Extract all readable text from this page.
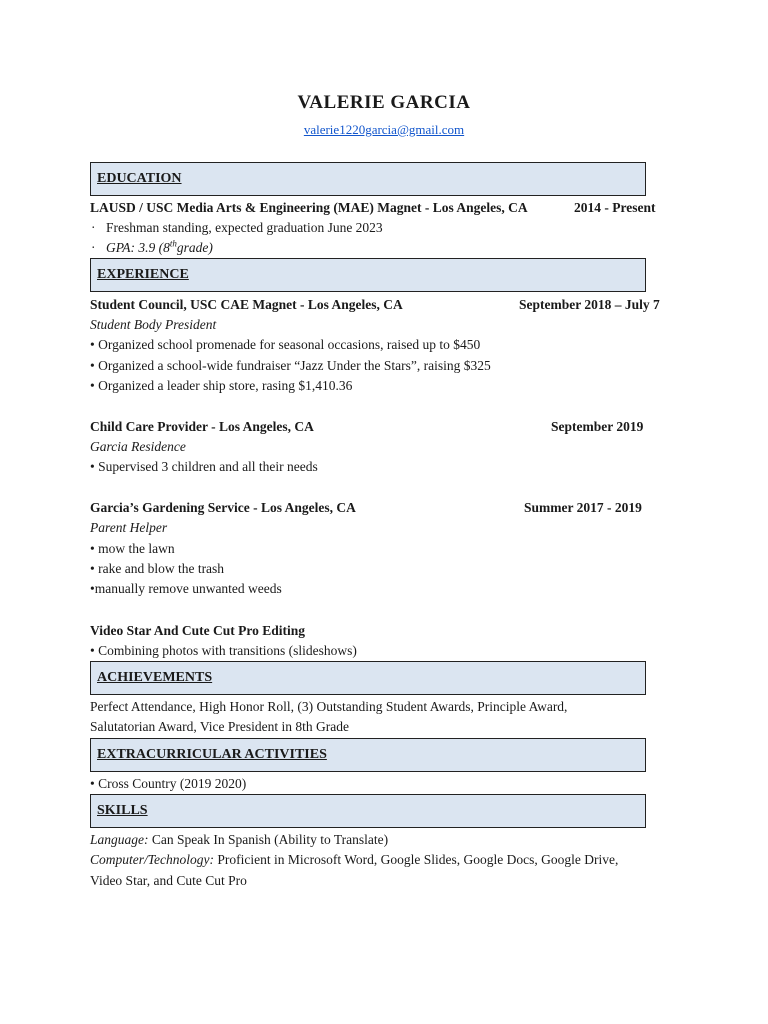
VALERIE GARCIA
valerie1220garcia@gmail.com
EDUCATION
LAUSD / USC Media Arts & Engineering (MAE) Magnet - Los Angeles, CA	2014 - Present
· Freshman standing, expected graduation June 2023
· GPA: 3.9 (8thgrade)
EXPERIENCE
Student Council, USC CAE Magnet - Los Angeles, CA	September 2018 – July 7
Student Body President
• Organized school promenade for seasonal occasions, raised up to $450
• Organized a school-wide fundraiser “Jazz Under the Stars”, raising $325
• Organized a leader ship store, rasing $1,410.36
Child Care Provider - Los Angeles, CA	September 2019
Garcia Residence
• Supervised 3 children and all their needs
Garcia’s Gardening Service - Los Angeles, CA	Summer 2017 - 2019
Parent Helper
• mow the lawn
• rake and blow the trash
•manually remove unwanted weeds
Video Star And Cute Cut Pro Editing
• Combining photos with transitions (slideshows)
ACHIEVEMENTS
Perfect Attendance, High Honor Roll, (3) Outstanding Student Awards, Principle Award,
Salutatorian Award, Vice President in 8th Grade
EXTRACURRICULAR ACTIVITIES
• Cross Country (2019 2020)
SKILLS
Language: Can Speak In Spanish (Ability to Translate)
Computer/Technology: Proficient in Microsoft Word, Google Slides, Google Docs, Google Drive,
Video Star, and Cute Cut Pro
